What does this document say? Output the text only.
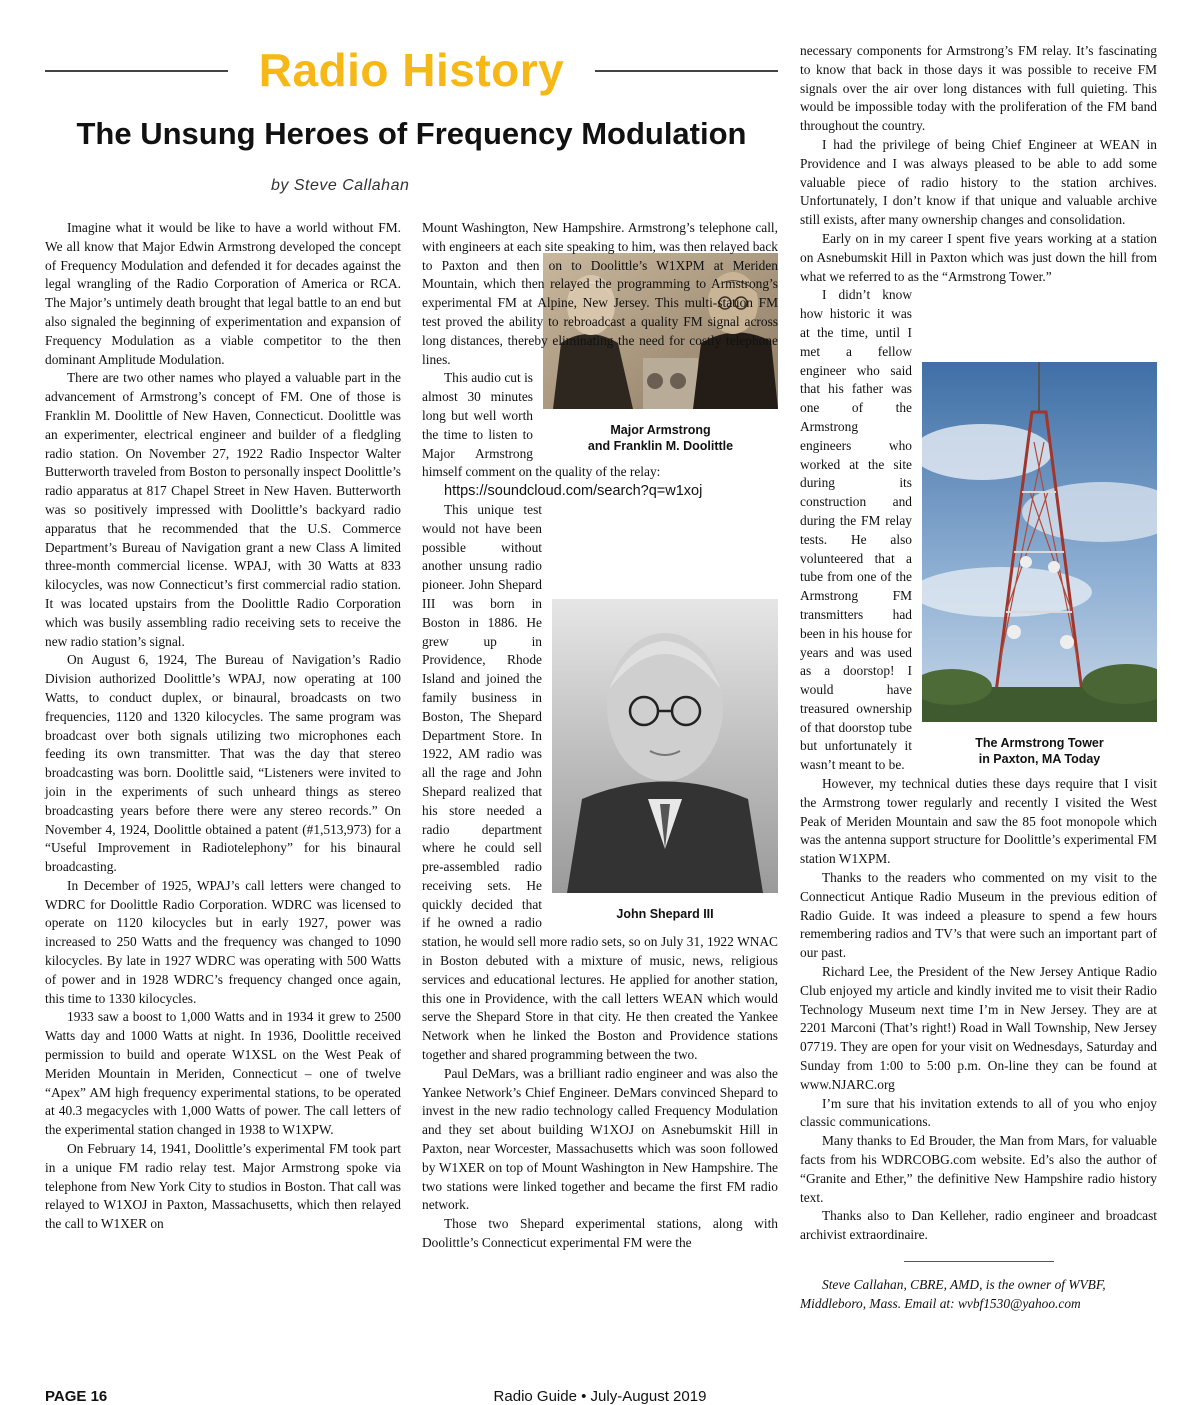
Radio History
The Unsung Heroes of Frequency Modulation
by Steve Callahan

Imagine what it would be like to have a world without FM. We all know that Major Edwin Armstrong developed the concept of Frequency Modulation and defended it for decades against the legal wrangling of the Radio Corporation of America or RCA. The Major’s untimely death brought that legal battle to an end but also signaled the beginning of experimentation and expansion of Frequency Modulation as a viable competitor to the then dominant Amplitude Modulation.

There are two other names who played a valuable part in the advancement of Armstrong’s concept of FM. One of those is Franklin M. Doolittle of New Haven, Connecticut. Doolittle was an experimenter, electrical engineer and builder of a fledgling radio station. On November 27, 1922 Radio Inspector Walter Butterworth traveled from Boston to personally inspect Doolittle’s radio apparatus at 817 Chapel Street in New Haven. Butterworth was so positively impressed with Doolittle’s backyard radio apparatus that he recommended that the U.S. Commerce Department’s Bureau of Navigation grant a new Class A limited three-month commercial license. WPAJ, with 30 Watts at 833 kilocycles, was now Connecticut’s first commercial radio station. It was located upstairs from the Doolittle Radio Corporation which was busily assembling radio receiving sets to receive the new radio station’s signal.

On August 6, 1924, The Bureau of Navigation’s Radio Division authorized Doolittle’s WPAJ, now operating at 100 Watts, to conduct duplex, or binaural, broadcasts on two frequencies, 1120 and 1320 kilocycles. The same program was broadcast over both signals utilizing two microphones each feeding its own transmitter. That was the day that stereo broadcasting was born. Doolittle said, “Listeners were invited to join in the experiments of such unheard things as stereo broadcasting years before there were any stereo records.” On November 4, 1924, Doolittle obtained a patent (#1,513,973) for a “Useful Improvement in Radiotelephony” for his binaural broadcasting.

In December of 1925, WPAJ’s call letters were changed to WDRC for Doolittle Radio Corporation. WDRC was licensed to operate on 1120 kilocycles but in early 1927, power was increased to 250 Watts and the frequency was changed to 1090 kilocycles. By late in 1927 WDRC was operating with 500 Watts of power and in 1928 WDRC’s frequency changed once again, this time to 1330 kilocycles.

1933 saw a boost to 1,000 Watts and in 1934 it grew to 2500 Watts day and 1000 Watts at night. In 1936, Doolittle received permission to build and operate W1XSL on the West Peak of Meriden Mountain in Meriden, Connecticut – one of twelve “Apex” AM high frequency experimental stations, to be operated at 40.3 megacycles with 1,000 Watts of power. The call letters of the experimental station changed in 1938 to W1XPW.

On February 14, 1941, Doolittle’s experimental FM took part in a unique FM radio relay test. Major Armstrong spoke via telephone from New York City to studios in Boston. That call was relayed to W1XOJ in Paxton, Massachusetts, which then relayed the call to W1XER on

Mount Washington, New Hampshire. Armstrong’s telephone call, with engineers at each site speaking to him, was then relayed back to Paxton and then on to Doolittle’s W1XPM at Meriden Mountain, which then relayed the programming to Armstrong’s experimental FM at Alpine, New Jersey. This multi-station FM test proved the ability to rebroadcast a quality FM signal across long distances, thereby eliminating the need for costly telephone lines.

Major Armstrong
and Franklin M. Doolittle

This audio cut is almost 30 minutes long but well worth the time to listen to Major Armstrong himself comment on the quality of the relay:

https://soundcloud.com/search?q=w1xoj

John Shepard III

This unique test would not have been possible without another unsung radio pioneer. John Shepard III was born in Boston in 1886. He grew up in Providence, Rhode Island and joined the family business in Boston, The Shepard Department Store. In 1922, AM radio was all the rage and John Shepard realized that his store needed a radio department where he could sell pre-assembled radio receiving sets. He quickly decided that if he owned a radio station, he would sell more radio sets, so on July 31, 1922 WNAC in Boston debuted with a mixture of music, news, religious services and educational lectures. He applied for another station, this one in Providence, with the call letters WEAN which would serve the Shepard Store in that city. He then created the Yankee Network when he linked the Boston and Providence stations together and shared programming between the two.

Paul DeMars, was a brilliant radio engineer and was also the Yankee Network’s Chief Engineer. DeMars convinced Shepard to invest in the new radio technology called Frequency Modulation and they set about building W1XOJ on Asnebumskit Hill in Paxton, near Worcester, Massachusetts which was soon followed by W1XER on top of Mount Washington in New Hampshire. The two stations were linked together and became the first FM radio network.

Those two Shepard experimental stations, along with Doolittle’s Connecticut experimental FM were the

necessary components for Armstrong’s FM relay. It’s fascinating to know that back in those days it was possible to receive FM signals over the air over long distances with full quieting. This would be impossible today with the proliferation of the FM band throughout the country.

I had the privilege of being Chief Engineer at WEAN in Providence and I was always pleased to be able to add some valuable piece of radio history to the station archives. Unfortunately, I don’t know if that unique and valuable archive still exists, after many ownership changes and consolidation.

Early on in my career I spent five years working at a station on Asnebumskit Hill in Paxton which was just down the hill from what we referred to as the “Armstrong Tower.”

The Armstrong Tower
in Paxton, MA Today

I didn’t know how historic it was at the time, until I met a fellow engineer who said that his father was one of the Armstrong engineers who worked at the site during its construction and during the FM relay tests. He also volunteered that a tube from one of the Armstrong FM transmitters had been in his house for years and was used as a doorstop! I would have treasured ownership of that doorstop tube but unfortunately it wasn’t meant to be.

However, my technical duties these days require that I visit the Armstrong tower regularly and recently I visited the West Peak of Meriden Mountain and saw the 85 foot monopole which was the antenna support structure for Doolittle’s experimental FM station W1XPM.

Thanks to the readers who commented on my visit to the Connecticut Antique Radio Museum in the previous edition of Radio Guide. It was indeed a pleasure to spend a few hours remembering radios and TV’s that were such an important part of our past.

Richard Lee, the President of the New Jersey Antique Radio Club enjoyed my article and kindly invited me to visit their Radio Technology Museum next time I’m in New Jersey. They are at 2201 Marconi (That’s right!) Road in Wall Township, New Jersey 07719. They are open for your visit on Wednesdays, Saturday and Sunday from 1:00 to 5:00 p.m. On-line they can be found at www.NJARC.org

I’m sure that his invitation extends to all of you who enjoy classic communications.

Many thanks to Ed Brouder, the Man from Mars, for valuable facts from his WDRCOBG.com website. Ed’s also the author of “Granite and Ether,” the definitive New Hampshire radio history text.

Thanks also to Dan Kelleher, radio engineer and broadcast archivist extraordinaire.

Steve Callahan, CBRE, AMD, is the owner of WVBF, Middleboro, Mass. Email at: wvbf1530@yahoo.com

PAGE 16	Radio Guide • July-August 2019
